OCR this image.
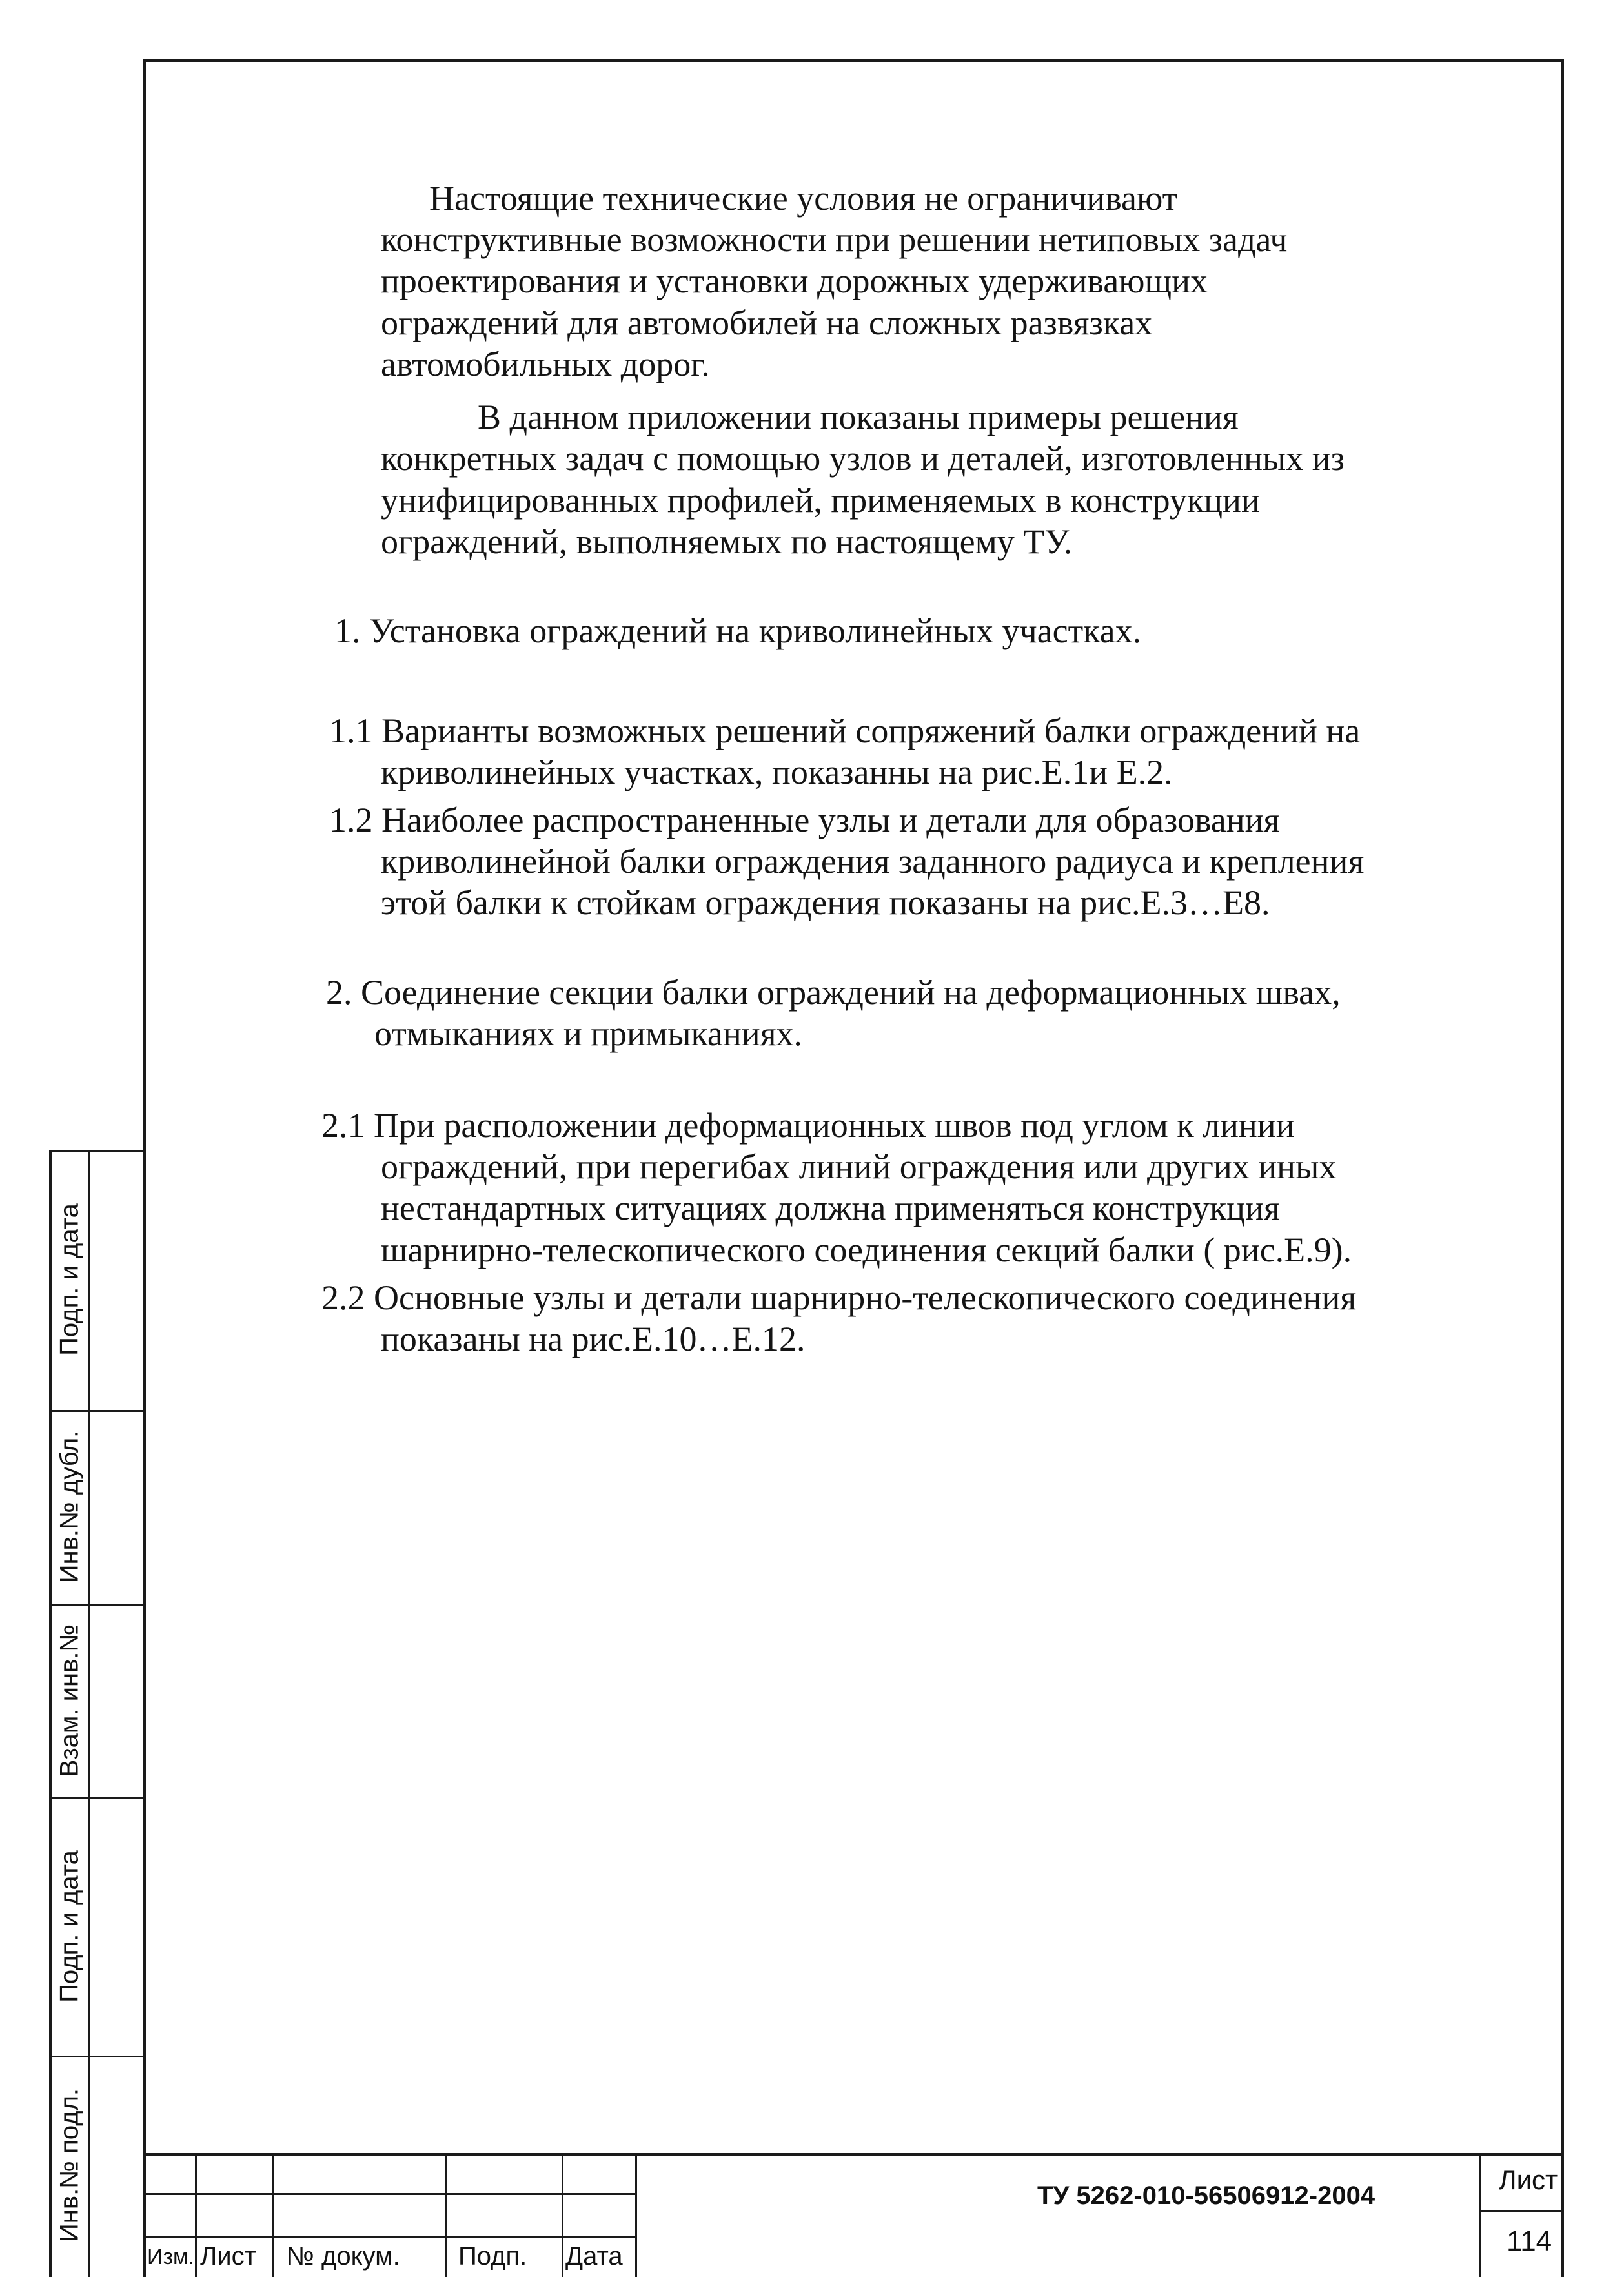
Настоящие технические условия не ограничивают
конструктивные возможности при решении нетиповых задач
проектирования и установки дорожных удерживающих
ограждений для автомобилей на сложных развязках
автомобильных дорог.
В данном приложении показаны примеры решения
конкретных задач с помощью узлов и деталей, изготовленных из
унифицированных профилей, применяемых в конструкции
ограждений, выполняемых по настоящему ТУ.
1. Установка ограждений на криволинейных участках.
1.1 Варианты возможных решений сопряжений балки ограждений на
криволинейных участках, показанны на рис.Е.1и Е.2.
1.2 Наиболее распространенные узлы и детали для образования
криволинейной балки ограждения заданного радиуса и крепления
этой балки к стойкам ограждения показаны на рис.Е.3…Е8.
2. Соединение секции балки ограждений на деформационных швах,
отмыканиях и примыканиях.
2.1 При расположении деформационных швов под углом к линии
ограждений, при перегибах линий ограждения или других иных
нестандартных ситуациях должна применяться конструкция
шарнирно-телескопического соединения секций балки ( рис.Е.9).
2.2 Основные узлы и детали шарнирно-телескопического соединения
показаны на рис.Е.10…Е.12.
Подп. и дата
Инв.№ дубл.
Взам. инв.№
Подп. и дата
Инв.№ подл.
Изм. Лист № докум. Подп. Дата
ТУ 5262-010-56506912-2004
Лист
114
